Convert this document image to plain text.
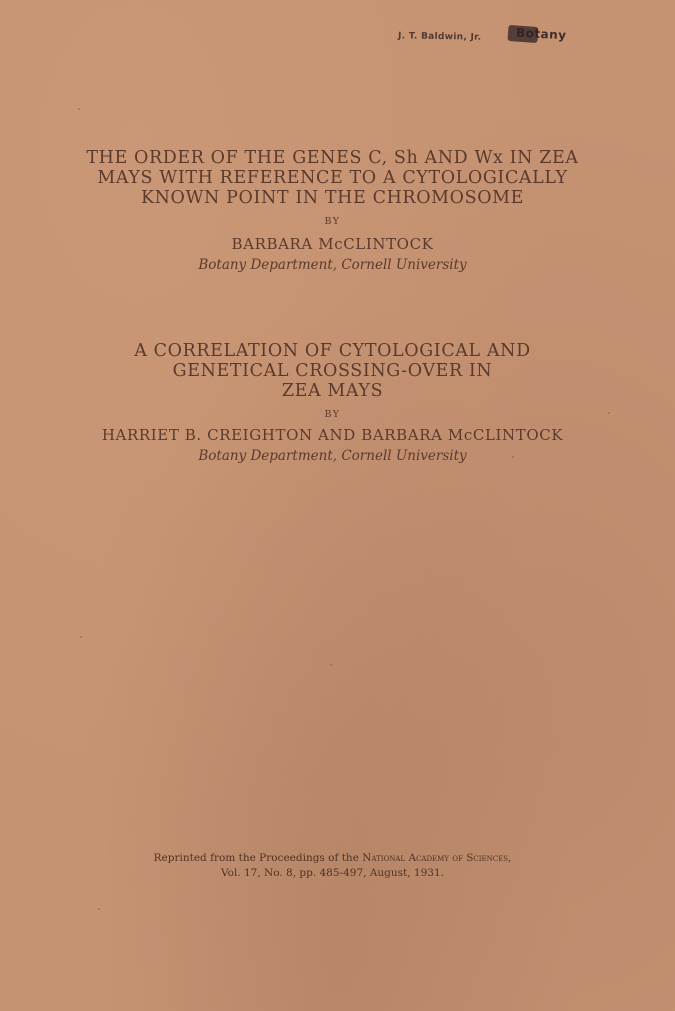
J. T. Baldwin, Jr.	Botany
THE ORDER OF THE GENES C, Sh AND Wx IN ZEA
MAYS WITH REFERENCE TO A CYTOLOGICALLY
KNOWN POINT IN THE CHROMOSOME
BY
BARBARA McCLINTOCK
Botany Department, Cornell University
A CORRELATION OF CYTOLOGICAL AND
GENETICAL CROSSING-OVER IN
ZEA MAYS
BY
HARRIET B. CREIGHTON AND BARBARA McCLINTOCK
Botany Department, Cornell University
Reprinted from the Proceedings of the National Academy of Sciences,
Vol. 17, No. 8, pp. 485-497, August, 1931.
